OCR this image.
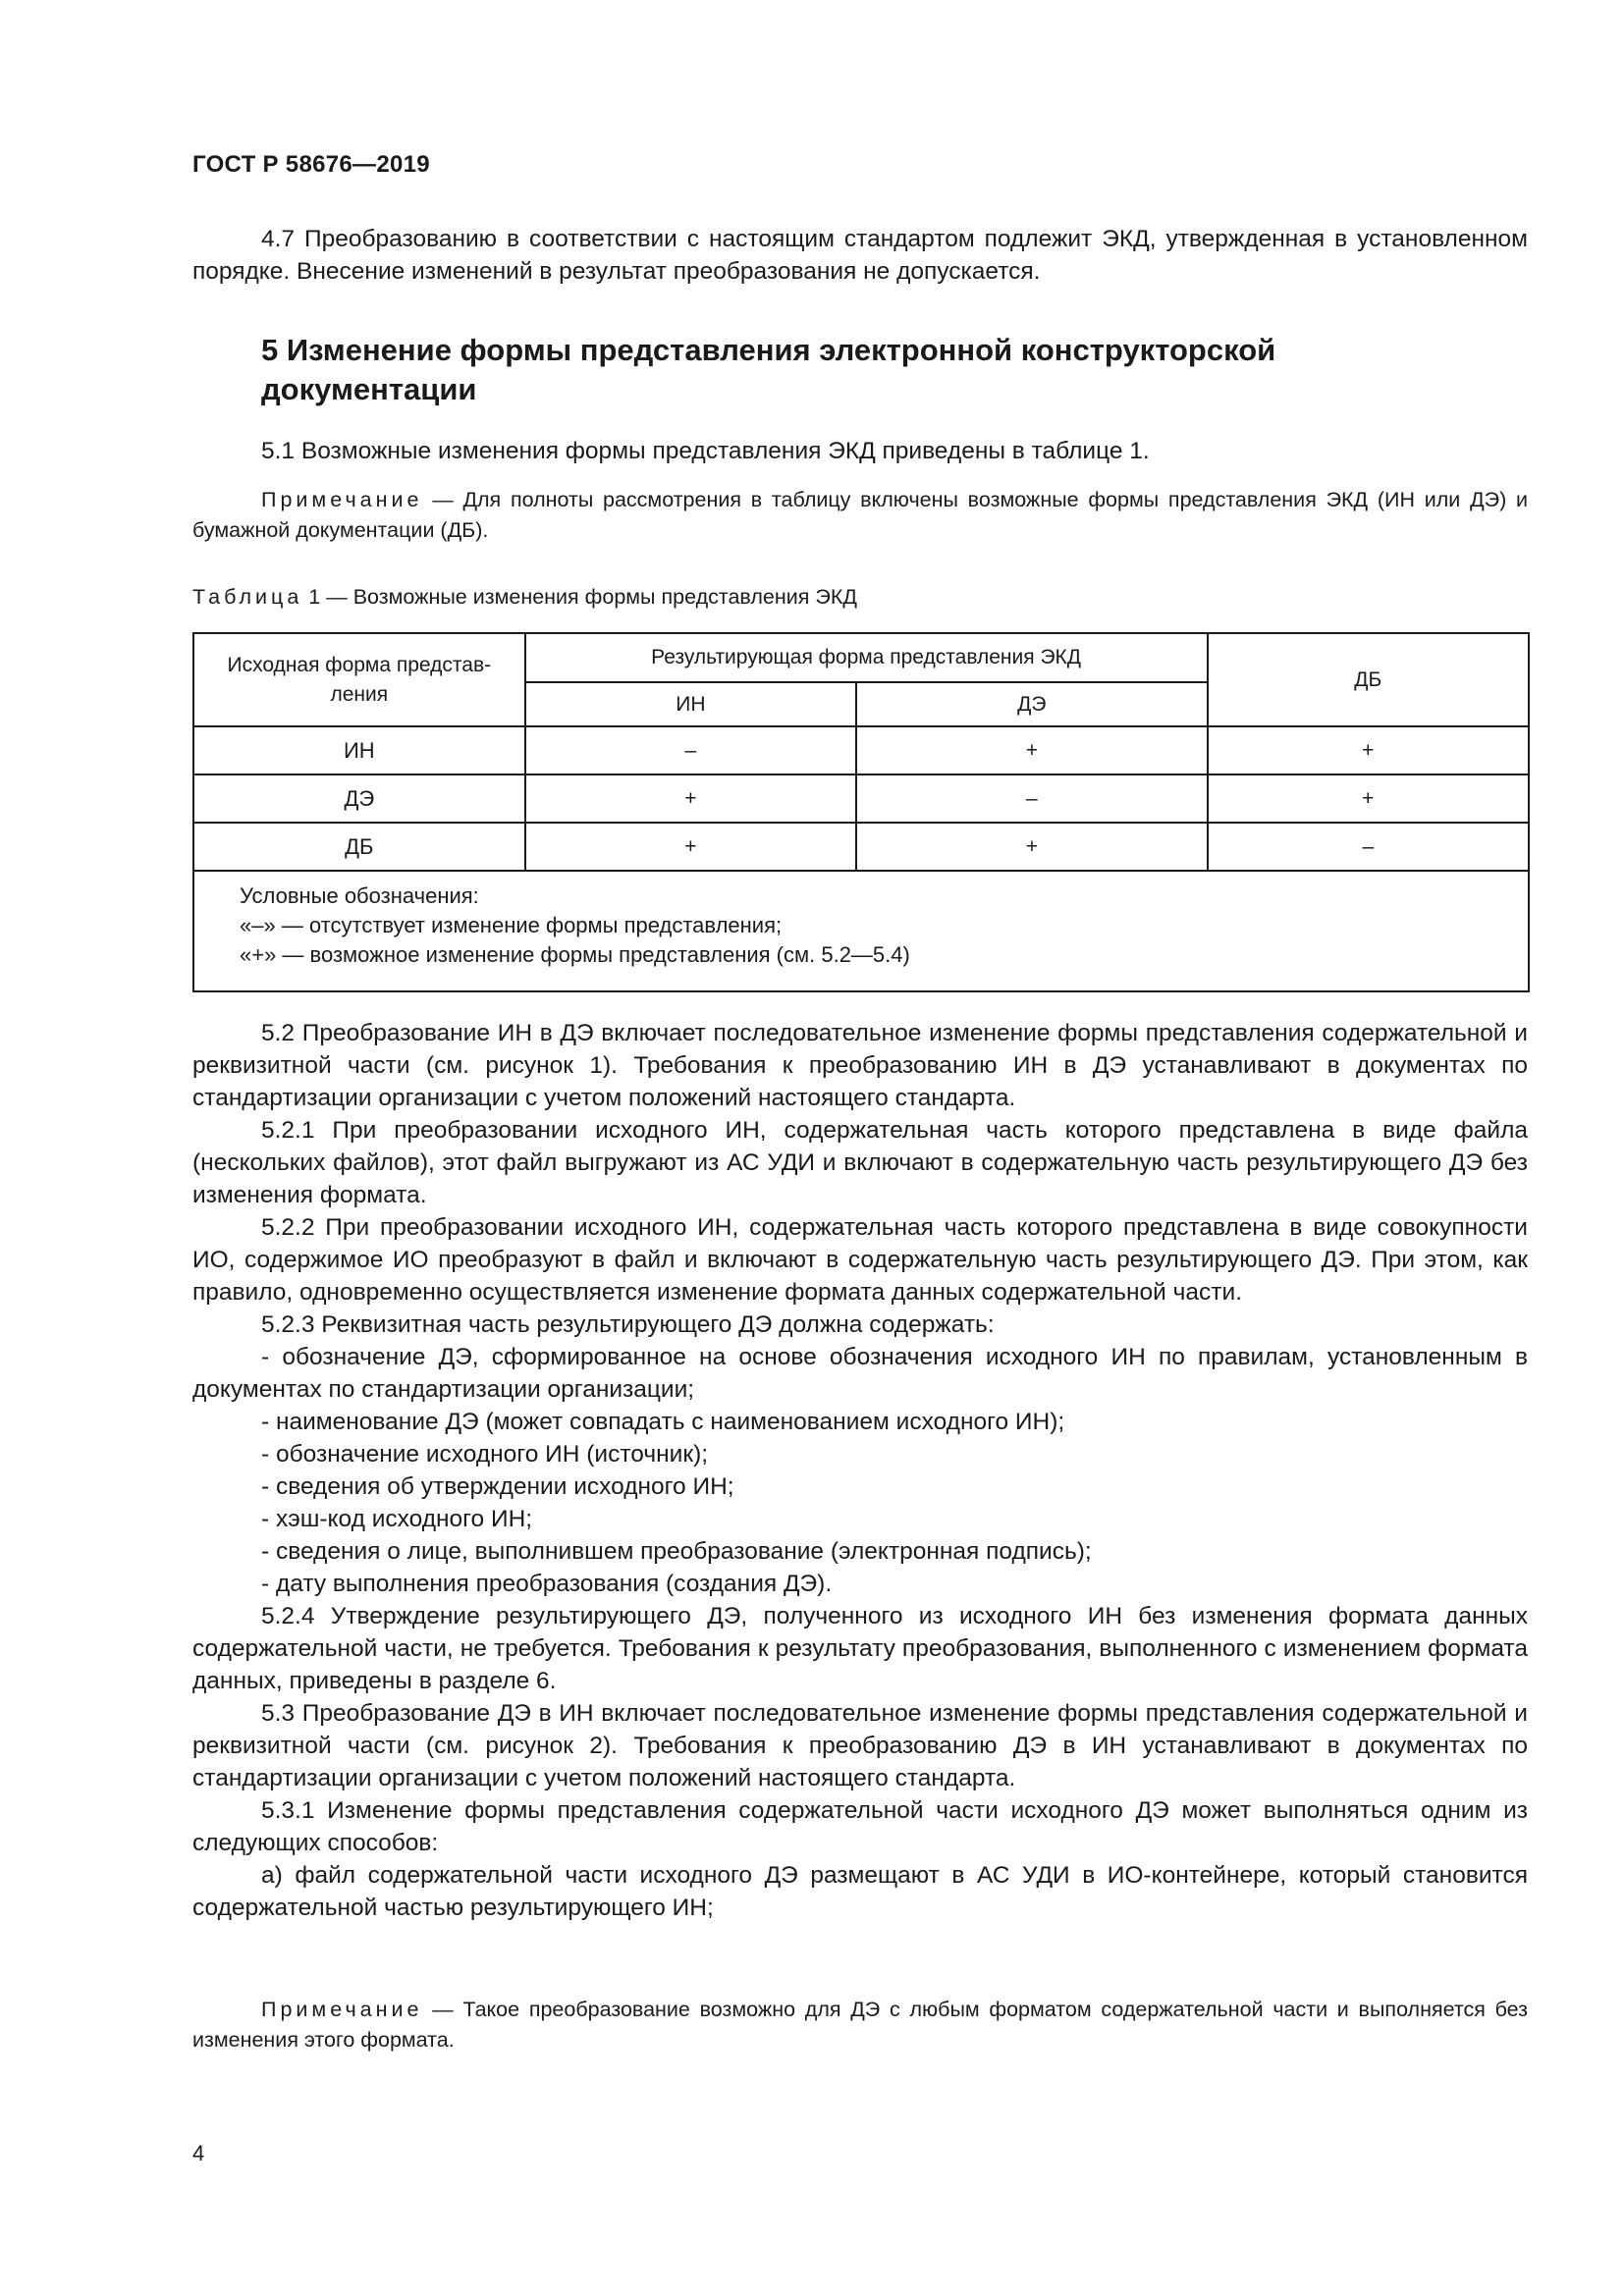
ГОСТ Р 58676—2019
4.7 Преобразованию в соответствии с настоящим стандартом подлежит ЭКД, утвержденная в установленном порядке. Внесение изменений в результат преобразования не допускается.
5 Изменение формы представления электронной конструкторской документации
5.1 Возможные изменения формы представления ЭКД приведены в таблице 1.
Примечание — Для полноты рассмотрения в таблицу включены возможные формы представления ЭКД (ИН или ДЭ) и бумажной документации (ДБ).
Таблица 1 — Возможные изменения формы представления ЭКД
Исходная форма представ-ления	Результирующая форма представления ЭКД		ДБ
	ИН	ДЭ	
ИН	–	+	+
ДЭ	+	–	+
ДБ	+	+	–

Условные обозначения:
«–» — отсутствует изменение формы представления;
«+» — возможное изменение формы представления (см. 5.2—5.4)			
5.2 Преобразование ИН в ДЭ включает последовательное изменение формы представления содержательной и реквизитной части (см. рисунок 1). Требования к преобразованию ИН в ДЭ устанавливают в документах по стандартизации организации с учетом положений настоящего стандарта.
5.2.1 При преобразовании исходного ИН, содержательная часть которого представлена в виде файла (нескольких файлов), этот файл выгружают из АС УДИ и включают в содержательную часть результирующего ДЭ без изменения формата.
5.2.2 При преобразовании исходного ИН, содержательная часть которого представлена в виде совокупности ИО, содержимое ИО преобразуют в файл и включают в содержательную часть результирующего ДЭ. При этом, как правило, одновременно осуществляется изменение формата данных содержательной части.
5.2.3 Реквизитная часть результирующего ДЭ должна содержать:
- обозначение ДЭ, сформированное на основе обозначения исходного ИН по правилам, установленным в документах по стандартизации организации;
- наименование ДЭ (может совпадать с наименованием исходного ИН);
- обозначение исходного ИН (источник);
- сведения об утверждении исходного ИН;
- хэш-код исходного ИН;
- сведения о лице, выполнившем преобразование (электронная подпись);
- дату выполнения преобразования (создания ДЭ).
5.2.4 Утверждение результирующего ДЭ, полученного из исходного ИН без изменения формата данных содержательной части, не требуется. Требования к результату преобразования, выполненного с изменением формата данных, приведены в разделе 6.
5.3 Преобразование ДЭ в ИН включает последовательное изменение формы представления содержательной и реквизитной части (см. рисунок 2). Требования к преобразованию ДЭ в ИН устанавливают в документах по стандартизации организации с учетом положений настоящего стандарта.
5.3.1 Изменение формы представления содержательной части исходного ДЭ может выполняться одним из следующих способов:
а) файл содержательной части исходного ДЭ размещают в АС УДИ в ИО-контейнере, который становится содержательной частью результирующего ИН;
Примечание — Такое преобразование возможно для ДЭ с любым форматом содержательной части и выполняется без изменения этого формата.
4
